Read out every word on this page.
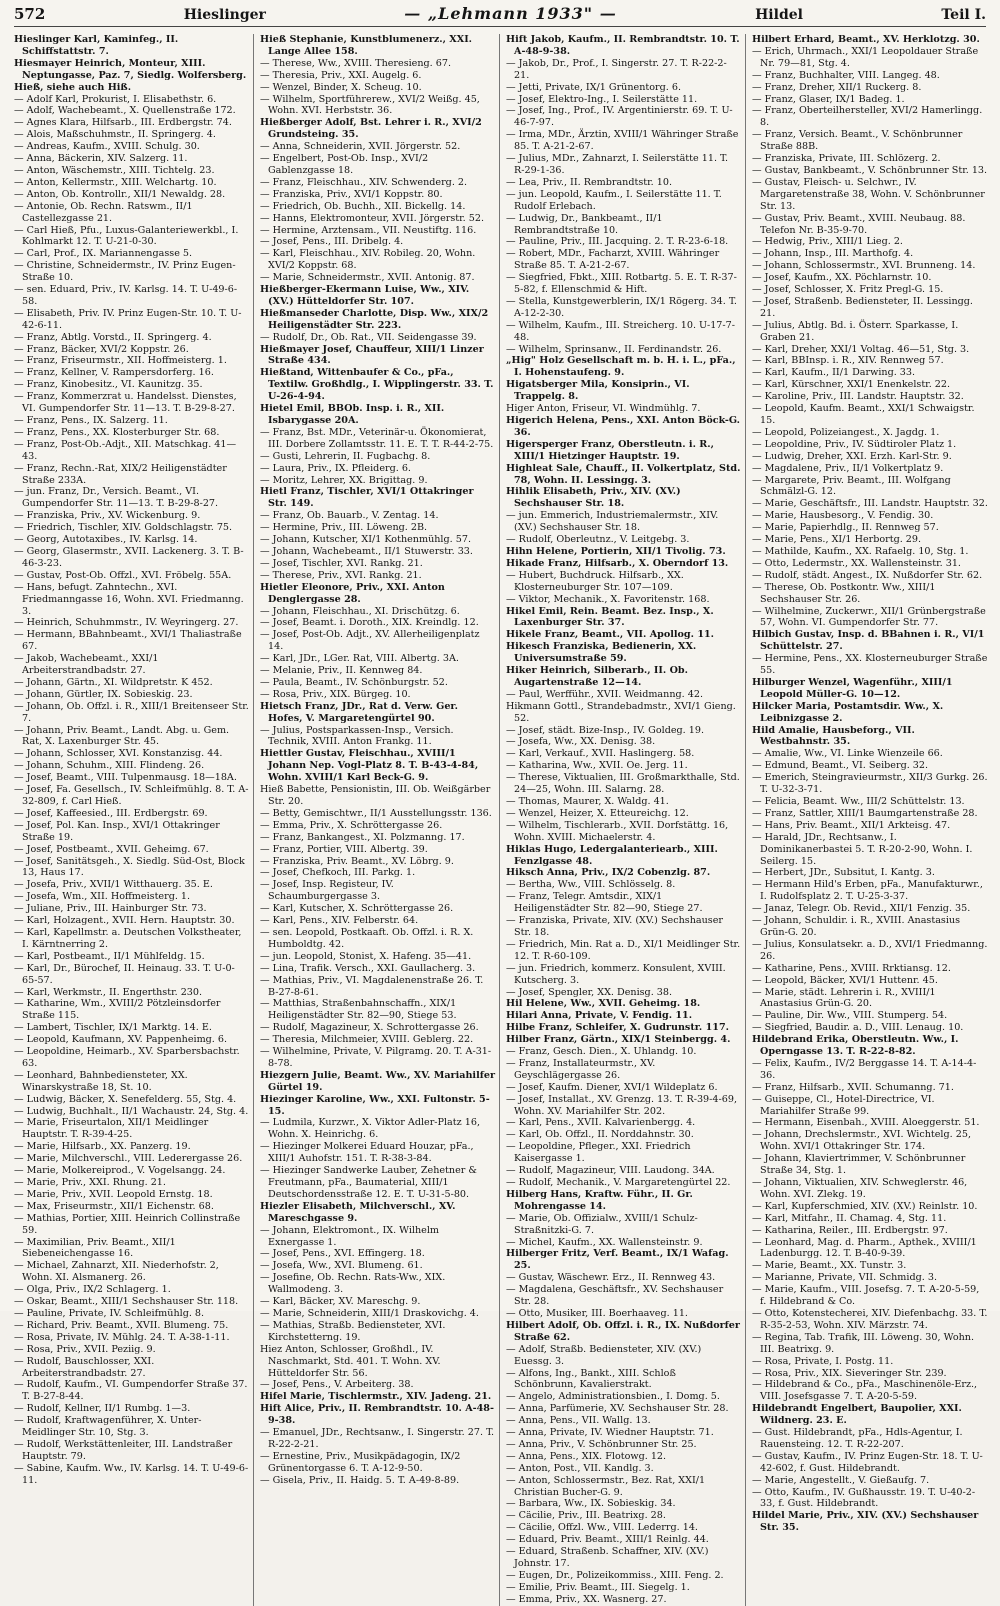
572	Hieslinger	— „Lehmann 1933" —	Hildel	Teil I.
Hieslinger Karl, Kaminfeg., II. Schiffstattstr. 7.
Hiesmayer Heinrich, Monteur, XIII. Neptungasse, Paz. 7, Siedlg. Wolfersberg.
Hieß, siehe auch Hiß.
— Adolf Karl, Prokurist, I. Elisabethstr. 6.
— Adolf, Wachebeamt., X. Quellenstraße 172.
— Agnes Klara, Hilfsarb., III. Erdbergstr. 74.
— Alois, Maßschuhmstr., II. Springerg. 4.
— Andreas, Kaufm., XVIII. Schulg. 30.
— Anna, Bäckerin, XIV. Salzerg. 11.
— Anton, Wäschemstr., XIII. Tichtelg. 23.
— Anton, Kellermstr., XIII. Welchartg. 10.
— Anton, Ob. Kontrollr., XII/1 Newaldg. 28.
— Antonie, Ob. Rechn. Ratswm., II/1 Castellezgasse 21.
— Carl Hieß, Pfu., Luxus-Galanteriewerkbl., I. Kohlmarkt 12. T. U-21-0-30.
— Carl, Prof., IX. Mariannengasse 5.
— Christine, Schneidermstr., IV. Prinz Eugen-Straße 10.
— sen. Eduard, Priv., IV. Karlsg. 14. T. U-49-6-58.
— Elisabeth, Priv. IV. Prinz Eugen-Str. 10. T. U-42-6-11.
— Franz, Abtlg. Vorstd., II. Springerg. 4.
— Franz, Bäcker, XVI/2 Koppstr. 26.
— Franz, Friseurmstr., XII. Hoffmeisterg. 1.
— Franz, Kellner, V. Rampersdorferg. 16.
— Franz, Kinobesitz., VI. Kaunitzg. 35.
— Franz, Kommerzrat u. Handelsst. Dienstes, VI. Gumpendorfer Str. 11—13. T. B-29-8-27.
— Franz, Pens., IX. Salzerg. 11.
— Franz, Pens., XX. Klosterburger Str. 68.
— Franz, Post-Ob.-Adjt., XII. Matschkag. 41—43.
— Franz, Rechn.-Rat, XIX/2 Heiligenstädter Straße 233A.
— jun. Franz, Dr., Versich. Beamt., VI. Gumpendorfer Str. 11—13. T. B-29-8-27.
— Franziska, Priv., XV. Wickenburg. 9.
— Friedrich, Tischler, XIV. Goldschlagstr. 75.
— Georg, Autotaxibes., IV. Karlsg. 14.
— Georg, Glasermstr., XVII. Lackenerg. 3. T. B-46-3-23.
— Gustav, Post-Ob. Offzl., XVI. Fröbelg. 55A.
— Hans, befugt. Zahntechn., XVI. Friedmanngasse 16, Wohn. XVI. Friedmanng. 3.
— Heinrich, Schuhmmstr., IV. Weyringerg. 27.
— Hermann, BBahnbeamt., XVI/1 Thaliastraße 67.
— Jakob, Wachebeamt., XXI/1 Arbeiterstrandbadstr. 27.
— Johann, Gärtn., XI. Wildpretstr. K 452.
— Johann, Gürtler, IX. Sobieskig. 23.
— Johann, Ob. Offzl. i. R., XIII/1 Breitenseer Str. 7.
— Johann, Priv. Beamt., Landt. Abg. u. Gem. Rat, X. Laxenburger Str. 45.
— Johann, Schlosser, XVI. Konstanzisg. 44.
— Johann, Schuhm., XIII. Flindeng. 26.
— Josef, Beamt., VIII. Tulpenmausg. 18—18A.
— Josef, Fa. Gesellsch., IV. Schleifmühlg. 8. T. A-32-809, f. Carl Hieß.
— Josef, Kaffeesied., III. Erdbergstr. 69.
— Josef, Pol. Kan. Insp., XVI/1 Ottakringer Straße 19.
— Josef, Postbeamt., XVII. Geheimg. 67.
— Josef, Sanitätsgeh., X. Siedlg. Süd-Ost, Block 13, Haus 17.
— Josefa, Priv., XVII/1 Witthauerg. 35. E.
— Josefa, Wm., XII. Hoffmeisterg. 1.
— Juliane, Priv., III. Hainburger Str. 73.
— Karl, Holzagent., XVII. Hern. Hauptstr. 30.
— Karl, Kapellmstr. a. Deutschen Volkstheater, I. Kärntnerring 2.
— Karl, Postbeamt., II/1 Mühlfeldg. 15.
— Karl, Dr., Bürochef, II. Heinaug. 33. T. U-0-65-57.
— Karl, Werkmstr., II. Engerthstr. 230.
— Katharine, Wm., XVIII/2 Pötzleinsdorfer Straße 115.
— Lambert, Tischler, IX/1 Marktg. 14. E.
— Leopold, Kaufmann, XV. Pappenheimg. 6.
— Leopoldine, Heimarb., XV. Sparbersbachstr. 63.
— Leonhard, Bahnbediensteter, XX. Winarskystraße 18, St. 10.
— Ludwig, Bäcker, X. Senefelderg. 55, Stg. 4.
— Ludwig, Buchhalt., II/1 Wachaustr. 24, Stg. 4.
— Marie, Friseurtalon, XII/1 Meidlinger Hauptstr. T. R-39-4-25.
— Marie, Hilfsarb., XX. Panzerg. 19.
— Marie, Milchverschl., VIII. Lederergasse 26.
— Marie, Molkereiprod., V. Vogelsangg. 24.
— Marie, Priv., XXI. Rhung. 21.
— Marie, Priv., XVII. Leopold Ernstg. 18.
— Max, Friseurmstr., XII/1 Eichenstr. 68.
— Mathias, Portier, XIII. Heinrich Collinstraße 59.
— Maximilian, Priv. Beamt., XII/1 Siebeneichengasse 16.
— Michael, Zahnarzt, XII. Niederhofstr. 2, Wohn. XI. Alsmanerg. 26.
— Olga, Priv., IX/2 Schlagerg. 1.
— Oskar, Beamt., XIII/1 Sechshauser Str. 118.
— Pauline, Private, IV. Schleifmühlg. 8.
— Richard, Priv. Beamt., XVII. Blumeng. 75.
— Rosa, Private, IV. Mühlg. 24. T. A-38-1-11.
— Rosa, Priv., XVII. Peziig. 9.
— Rudolf, Bauschlosser, XXI. Arbeiterstrandbadstr. 27.
— Rudolf, Kaufm., VI. Gumpendorfer Straße 37. T. B-27-8-44.
— Rudolf, Kellner, II/1 Rumbg. 1—3.
— Rudolf, Kraftwagenführer, X. Unter-Meidlinger Str. 10, Stg. 3.
— Rudolf, Werkstättenleiter, III. Landstraßer Hauptstr. 79.
— Sabine, Kaufm. Ww., IV. Karlsg. 14. T. U-49-6-11.
Hieß Stephanie, Kunstblumenerz., XXI. Lange Allee 158.
— Therese, Ww., XVIII. Theresieng. 67.
— Theresia, Priv., XXI. Augelg. 6.
— Wenzel, Binder, X. Scheug. 10.
— Wilhelm, Sportführerew., XVI/2 Weißg. 45, Wohn. XVI. Herbststr. 36.
Hießberger Adolf, Bst. Lehrer i. R., XVI/2 Grundsteing. 35.
— Anna, Schneiderin, XVII. Jörgerstr. 52.
— Engelbert, Post-Ob. Insp., XVI/2 Gablenzgasse 18.
— Franz, Fleischhau., XIV. Schwenderg. 2.
— Franziska, Priv., XVI/1 Koppstr. 80.
— Friedrich, Ob. Buchh., XII. Bickellg. 14.
— Hanns, Elektromonteur, XVII. Jörgerstr. 52.
— Hermine, Arztensam., VII. Neustiftg. 116.
— Josef, Pens., III. Dribelg. 4.
— Karl, Fleischhau., XIV. Robileg. 20, Wohn. XVI/2 Koppstr. 68.
— Marie, Schneidermstr., XVII. Antonig. 87.
Hießberger-Ekermann Luise, Ww., XIV. (XV.) Hütteldorfer Str. 107.
Hießmanseder Charlotte, Disp. Ww., XIX/2 Heiligenstädter Str. 223.
— Rudolf, Dr., Ob. Rat., VII. Seidengasse 39.
Hießmayer Josef, Chauffeur, XIII/1 Linzer Straße 434.
Hießtand, Wittenbaufer & Co., pFa., Textilw. Großhdlg., I. Wipplingerstr. 33. T. U-26-4-94.
Hietel Emil, BBOb. Insp. i. R., XII. Isbarygasse 20A.
— Franz, Bst. MDr., Veterinär-u. Ökonomierat, III. Dorbere Zollamtsstr. 11. E. T. T. R-44-2-75.
— Gusti, Lehrerin, II. Fugbachg. 8.
— Laura, Priv., IX. Pfleiderg. 6.
— Moritz, Lehrer, XX. Brigittag. 9.
Hietl Franz, Tischler, XVI/1 Ottakringer Str. 149.
— Franz, Ob. Bauarb., V. Zentag. 14.
— Hermine, Priv., III. Löweng. 2B.
— Johann, Kutscher, XI/1 Kothenmühlg. 57.
— Johann, Wachebeamt., II/1 Stuwerstr. 33.
— Josef, Tischler, XVI. Rankg. 21.
— Therese, Priv., XVI. Rankg. 21.
Hietler Eleonore, Priv., XXI. Anton Denglergasse 28.
— Johann, Fleischhau., XI. Drischützg. 6.
— Josef, Beamt. i. Doroth., XIX. Kreindlg. 12.
— Josef, Post-Ob. Adjt., XV. Allerheiligenplatz 14.
— Karl, JDr., LGer. Rat, VIII. Albertg. 3A.
— Melanie, Priv., II. Kennweg 84.
— Paula, Beamt., IV. Schönburgstr. 52.
— Rosa, Priv., XIX. Bürgeg. 10.
Hietsch Franz, JDr., Rat d. Verw. Ger. Hofes, V. Margaretengürtel 90.
— Julius, Postsparkassen-Insp., Versich. Technik, XVIII. Anton Frankg. 11.
Hiettler Gustav, Fleischhau., XVIII/1 Johann Nep. Vogl-Platz 8. T. B-43-4-84, Wohn. XVIII/1 Karl Beck-G. 9.
Hieß Babette, Pensionistin, III. Ob. Weißgärber Str. 20.
— Betty, Gemischtwr., II/1 Ausstellungsstr. 136.
— Emma, Priv., X. Schröttergasse 26.
— Franz, Bankangest., XI. Polzmanng. 17.
— Franz, Portier, VIII. Albertg. 39.
— Franziska, Priv. Beamt., XV. Löbrg. 9.
— Josef, Chefkoch, III. Parkg. 1.
— Josef, Insp. Registeur, IV. Schaumburgergasse 3.
— Karl, Kutscher, X. Schröttergasse 26.
— Karl, Pens., XIV. Felberstr. 64.
— sen. Leopold, Postkaaft. Ob. Offzl. i. R. X. Humboldtg. 42.
— jun. Leopold, Stonist, X. Hafeng. 35—41.
— Lina, Trafik. Versch., XXI. Gaullacherg. 3.
— Mathias, Priv., VI. Magdalenenstraße 26. T. B-27-8-61.
— Matthias, Straßenbahnschaffn., XIX/1 Heiligenstädter Str. 82—90, Stiege 53.
— Rudolf, Magazineur, X. Schrottergasse 26.
— Theresia, Milchmeier, XVIII. Geblerg. 22.
— Wilhelmine, Private, V. Pilgramg. 20. T. A-31-8-78.
Hiezgern Julie, Beamt. Ww., XV. Mariahilfer Gürtel 19.
Hiezinger Karoline, Ww., XXI. Fultonstr. 5-15.
— Ludmila, Kurzwr., X. Viktor Adler-Platz 16, Wohn. X. Heinrichg. 6.
— Hiezinger Molkerei Eduard Houzar, pFa., XIII/1 Auhofstr. 151. T. R-38-3-84.
— Hiezinger Sandwerke Lauber, Zehetner & Freutmann, pFa., Baumaterial, XIII/1 Deutschordensstraße 12. E. T. U-31-5-80.
Hiezler Elisabeth, Milchverschl., XV. Mareschgasse 9.
— Johann, Elektromont., IX. Wilhelm Exnergasse 1.
— Josef, Pens., XVI. Effingerg. 18.
— Josefa, Ww., XVI. Blumeng. 61.
— Josefine, Ob. Rechn. Rats-Ww., XIX. Wallmodeng. 3.
— Karl, Bäcker, XV. Mareschg. 9.
— Marie, Schneiderin, XIII/1 Draskovichg. 4.
— Mathias, Straßb. Bediensteter, XVI. Kirchstetterng. 19.
Hiez Anton, Schlosser, Großhdl., IV. Naschmarkt, Std. 401. T. Wohn. XV. Hütteldorfer Str. 56.
— Josef, Pens., V. Arbeiterg. 38.
Hifel Marie, Tischlermstr., XIV. Jadeng. 21.
Hift Alice, Priv., II. Rembrandtstr. 10. A-48-9-38.
— Emanuel, JDr., Rechtsanw., I. Singerstr. 27. T. R-22-2-21.
— Ernestine, Priv., Musikpädagogin, IX/2 Grünentorgasse 6. T. A-12-9-50.
— Gisela, Priv., II. Haidg. 5. T. A-49-8-89.
Hift Jakob, Kaufm., II. Rembrandtstr. 10. T. A-48-9-38.
— Jakob, Dr., Prof., I. Singerstr. 27. T. R-22-2-21.
— Jetti, Private, IX/1 Grünentorg. 6.
— Josef, Elektro-Ing., I. Seilerstätte 11.
— Josef, Ing., Prof., IV. Argentinierstr. 69. T. U-46-7-97.
— Irma, MDr., Ärztin, XVIII/1 Währinger Straße 85. T. A-21-2-67.
— Julius, MDr., Zahnarzt, I. Seilerstätte 11. T. R-29-1-36.
— Lea, Priv., II. Rembrandtstr. 10.
— jun. Leopold, Kaufm., I. Seilerstätte 11. T. Rudolf Erlebach.
— Ludwig, Dr., Bankbeamt., II/1 Rembrandtstraße 10.
— Pauline, Priv., III. Jacquing. 2. T. R-23-6-18.
— Robert, MDr., Facharzt, XVIII. Währinger Straße 85. T. A-21-2-67.
— Siegfried, Fbkt., XIII. Rotbartg. 5. E. T. R-37-5-82, f. Ellenschmid & Hift.
— Stella, Kunstgewerblerin, IX/1 Rögerg. 34. T. A-12-2-30.
— Wilhelm, Kaufm., III. Streicherg. 10. U-17-7-48.
— Wilhelm, Sprinsanw., II. Ferdinandstr. 26.
„Hig" Holz Gesellschaft m. b. H. i. L., pFa., I. Hohenstaufeng. 9.
Higatsberger Mila, Konsiprin., VI. Trappelg. 8.
Higer Anton, Friseur, VI. Windmühlg. 7.
Higerich Helena, Pens., XXI. Anton Böck-G. 36.
Higersperger Franz, Oberstleutn. i. R., XIII/1 Hietzinger Hauptstr. 19.
Highleat Sale, Chauff., II. Volkertplatz, Std. 78, Wohn. II. Lessingg. 3.
Hihlik Elisabeth, Priv., XIV. (XV.) Sechshauser Str. 18.
— jun. Emmerich, Industriemalermstr., XIV. (XV.) Sechshauser Str. 18.
— Rudolf, Oberleutnz., V. Leitgebg. 3.
Hihn Helene, Portierin, XII/1 Tivolig. 73.
Hikade Franz, Hilfsarb., X. Oberndorf 13.
— Hubert, Buchdruck. Hilfsarb., XX. Klosterneuburger Str. 107—109.
— Viktor, Mechanik., X. Favoritenstr. 168.
Hikel Emil, Rein. Beamt. Bez. Insp., X. Laxenburger Str. 37.
Hikele Franz, Beamt., VII. Apollog. 11.
Hikesch Franziska, Bedienerin, XX. Universumstraße 59.
Hiker Heinrich, Silberarb., II. Ob. Augartenstraße 12—14.
— Paul, Werfführ., XVII. Weidmanng. 42.
Hikmann Gottl., Strandebadmstr., XVI/1 Gieng. 52.
— Josef, städt. Bize-Insp., IV. Goldeg. 19.
— Josefa, Ww., XX. Denisg. 38.
— Karl, Verkauf., XVII. Haslingerg. 58.
— Katharina, Ww., XVII. Oe. Jerg. 11.
— Therese, Viktualien, III. Großmarkthalle, Std. 24—25, Wohn. III. Salarng. 28.
— Thomas, Maurer, X. Waldg. 41.
— Wenzel, Heizer, X. Etteureichg. 12.
— Wilhelm, Tischlerarb., XVII. Dorfstättg. 16, Wohn. XVIII. Michaelerstr. 4.
Hiklas Hugo, Ledergalanteriearb., XIII. Fenzlgasse 48.
Hiksch Anna, Priv., IX/2 Cobenzlg. 87.
— Bertha, Ww., VIII. Schlösselg. 8.
— Franz, Telegr. Amtsdir., XIX/1 Heiligenstädter Str. 82—90, Stiege 27.
— Franziska, Private, XIV. (XV.) Sechshauser Str. 18.
— Friedrich, Min. Rat a. D., XI/1 Meidlinger Str. 12. T. R-60-109.
— jun. Friedrich, kommerz. Konsulent, XVIII. Kutscherg. 3.
— Josef, Spengler, XX. Denisg. 38.
Hil Helene, Ww., XVII. Geheimg. 18.
Hilari Anna, Private, V. Fendig. 11.
Hilbe Franz, Schleifer, X. Gudrunstr. 117.
Hilber Franz, Gärtn., XIX/1 Steinbergg. 4.
— Franz, Gesch. Dien., X. Uhlandg. 10.
— Franz, Installateurmstr., XV. Geyschlägergasse 26.
— Josef, Kaufm. Diener, XVI/1 Wildeplatz 6.
— Josef, Installat., XV. Grenzg. 13. T. R-39-4-69, Wohn. XV. Mariahilfer Str. 202.
— Karl, Pens., XVII. Kalvarienbergg. 4.
— Karl, Ob. Offzl., II. Norddahnstr. 30.
— Leopoldine, Pfleger., XXI. Friedrich Kaisergasse 1.
— Rudolf, Magazineur, VIII. Laudong. 34A.
— Rudolf, Mechanik., V. Margaretengürtel 22.
Hilberg Hans, Kraftw. Führ., II. Gr. Mohrengasse 14.
— Marie, Ob. Offizialw., XVIII/1 Schulz-Straßnitzki-G. 7.
— Michel, Kaufm., XX. Wallensteinstr. 9.
Hilberger Fritz, Verf. Beamt., IX/1 Wafag. 25.
— Gustav, Wäschewr. Erz., II. Rennweg 43.
— Magdalena, Geschäftsfr., XV. Sechshauser Str. 28.
— Otto, Musiker, III. Boerhaaveg. 11.
Hilbert Adolf, Ob. Offzl. i. R., IX. Nußdorfer Straße 62.
— Adolf, Straßb. Bediensteter, XIV. (XV.) Euessg. 3.
— Alfons, Ing., Bankt., XIII. Schloß Schönbrunn, Kavalierstrakt.
— Angelo, Administrationsbien., I. Domg. 5.
— Anna, Parfümerie, XV. Sechshauser Str. 28.
— Anna, Pens., VII. Wallg. 13.
— Anna, Private, IV. Wiedner Hauptstr. 71.
— Anna, Priv., V. Schönbrunner Str. 25.
— Anna, Pens., XIX. Flotowg. 12.
— Anton, Post., VII. Kandlg. 3.
— Anton, Schlossermstr., Bez. Rat, XXI/1 Christian Bucher-G. 9.
— Barbara, Ww., IX. Sobieskig. 34.
— Cäcilie, Priv., III. Beatrixg. 28.
— Cäcilie, Offzl. Ww., VIII. Lederrg. 14.
— Eduard, Priv. Beamt., XIII/1 Reinlg. 44.
— Eduard, Straßenb. Schaffner, XIV. (XV.) Johnstr. 17.
— Eugen, Dr., Polizeikommiss., XIII. Feng. 2.
— Emilie, Priv. Beamt., III. Siegelg. 1.
— Emma, Priv., XX. Wasnerg. 27.
Hilbert Erhard, Beamt., XV. Herklotzg. 30.
— Erich, Uhrmach., XXI/1 Leopoldauer Straße Nr. 79—81, Stg. 4.
— Franz, Buchhalter, VIII. Langeg. 48.
— Franz, Dreher, XII/1 Ruckerg. 8.
— Franz, Glaser, IX/1 Badeg. 1.
— Franz, Oberteilhersteller, XVI/2 Hamerlingg. 8.
— Franz, Versich. Beamt., V. Schönbrunner Straße 88B.
— Franziska, Private, III. Schlözerg. 2.
— Gustav, Bankbeamt., V. Schönbrunner Str. 13.
— Gustav, Fleisch- u. Selchwr., IV. Margaretenstraße 38, Wohn. V. Schönbrunner Str. 13.
— Gustav, Priv. Beamt., XVIII. Neubaug. 88. Telefon Nr. B-35-9-70.
— Hedwig, Priv., XIII/1 Lieg. 2.
— Johann, Insp., III. Marthofg. 4.
— Johann, Schlossermstr., XVI. Brunneng. 14.
— Josef, Kaufm., XX. Pöchlarnstr. 10.
— Josef, Schlosser, X. Fritz Pregl-G. 15.
— Josef, Straßenb. Bediensteter, II. Lessingg. 21.
— Julius, Abtlg. Bd. i. Österr. Sparkasse, I. Graben 21.
— Karl, Dreher, XXI/1 Voltag. 46—51, Stg. 3.
— Karl, BBInsp. i. R., XIV. Rennweg 57.
— Karl, Kaufm., II/1 Darwing. 33.
— Karl, Kürschner, XXI/1 Enenkelstr. 22.
— Karoline, Priv., III. Landstr. Hauptstr. 32.
— Leopold, Kaufm. Beamt., XXI/1 Schwaigstr. 15.
— Leopold, Polizeiangest., X. Jagdg. 1.
— Leopoldine, Priv., IV. Südtiroler Platz 1.
— Ludwig, Dreher, XXI. Erzh. Karl-Str. 9.
— Magdalene, Priv., II/1 Volkertplatz 9.
— Margarete, Priv. Beamt., III. Wolfgang Schmälzl-G. 12.
— Marie, Geschäftsfr., III. Landstr. Hauptstr. 32.
— Marie, Hausbesorg., V. Fendig. 30.
— Marie, Papierhdlg., II. Rennweg 57.
— Marie, Pens., XI/1 Herbortg. 29.
— Mathilde, Kaufm., XX. Rafaelg. 10, Stg. 1.
— Otto, Ledermstr., XX. Wallensteinstr. 31.
— Rudolf, städt. Angest., IX. Nußdorfer Str. 62.
— Therese, Ob. Postkontr. Ww., XIII/1 Sechshauser Str. 26.
— Wilhelmine, Zuckerwr., XII/1 Grünbergstraße 57, Wohn. VI. Gumpendorfer Str. 77.
Hilbich Gustav, Insp. d. BBahnen i. R., VI/1 Schüttelstr. 27.
— Hermine, Pens., XX. Klosterneuburger Straße 55.
Hilburger Wenzel, Wagenführ., XIII/1 Leopold Müller-G. 10—12.
Hilcker Maria, Postamtsdir. Ww., X. Leibnizgasse 2.
Hild Amalie, Hausbeforg., VII. Westbahnstr. 35.
— Amalie, Ww., VI. Linke Wienzeile 66.
— Edmund, Beamt., VI. Seiberg. 32.
— Emerich, Steingravieurmstr., XII/3 Gurkg. 26. T. U-32-3-71.
— Felicia, Beamt. Ww., III/2 Schüttelstr. 13.
— Franz, Sattler, XIII/1 Baumgartenstraße 28.
— Hans, Priv. Beamt., XII/1 Arkteisg. 47.
— Harald, JDr., Rechtsanw., I. Dominikanerbastei 5. T. R-20-2-90, Wohn. I. Seilerg. 15.
— Herbert, JDr., Subsitut, I. Kantg. 3.
— Hermann Hild's Erben, pFa., Manufakturwr., I. Rudolfsplatz 2. T. U-25-3-37.
— Janaz, Telegr. Ob. Revid., XII/1 Fenzig. 35.
— Johann, Schuldir. i. R., XVIII. Anastasius Grün-G. 20.
— Julius, Konsulatsekr. a. D., XVI/1 Friedmanng. 26.
— Katharine, Pens., XVIII. Rrktiansg. 12.
— Leopold, Bäcker, XVI/1 Huttenr. 45.
— Marie, städt. Lehrerin i. R., XVIII/1 Anastasius Grün-G. 20.
— Pauline, Dir. Ww., VIII. Stumperg. 54.
— Siegfried, Baudir. a. D., VIII. Lenaug. 10.
Hildebrand Erika, Oberstleutn. Ww., I. Operngasse 13. T. R-22-8-82.
— Felix, Kaufm., IV/2 Berggasse 14. T. A-14-4-36.
— Franz, Hilfsarb., XVII. Schumanng. 71.
— Guiseppe, Cl., Hotel-Directrice, VI. Mariahilfer Straße 99.
— Hermann, Eisenbah., XVIII. Aloeggerstr. 51.
— Johann, Drechslermstr., XVI. Wichtelg. 25, Wohn. XVI/1 Ottakringer Str. 174.
— Johann, Klaviertrimmer, V. Schönbrunner Straße 34, Stg. 1.
— Johann, Viktualien, XIV. Schweglerstr. 46, Wohn. XVI. Zlekg. 19.
— Karl, Kupferschmied, XIV. (XV.) Reinlstr. 10.
— Karl, Mitfahr., II. Chamag. 4, Stg. 11.
— Katharina, Reiler., III. Erdbergstr. 97.
— Leonhard, Mag. d. Pharm., Apthek., XVIII/1 Ladenburgg. 12. T. B-40-9-39.
— Marie, Beamt., XX. Tunstr. 3.
— Marianne, Private, VII. Schmidg. 3.
— Marie, Kaufm., VIII. Josefsg. 7. T. A-20-5-59, f. Hildebrand & Co.
— Otto, Kotenstecherei, XIV. Diefenbachg. 33. T. R-35-2-53, Wohn. XIV. Märzstr. 74.
— Regina, Tab. Trafik, III. Löweng. 30, Wohn. III. Beatrixg. 9.
— Rosa, Private, I. Postg. 11.
— Rosa, Priv., XIX. Sieveringer Str. 239.
— Hildebrand & Co., pFa., Maschinenöle-Erz., VIII. Josefsgasse 7. T. A-20-5-59.
Hildebrandt Engelbert, Baupolier, XXI. Wildnerg. 23. E.
— Gust. Hildebrandt, pFa., Hdls-Agentur, I. Rauensteing. 12. T. R-22-207.
— Gustav, Kaufm., IV. Prinz Eugen-Str. 18. T. U-42-602, f. Gust. Hildebrandt.
— Marie, Angestellt., V. Gießaufg. 7.
— Otto, Kaufm., IV. Gußhausstr. 19. T. U-40-2-33, f. Gust. Hildebrandt.
Hildel Marie, Priv., XIV. (XV.) Sechshauser Str. 35.
